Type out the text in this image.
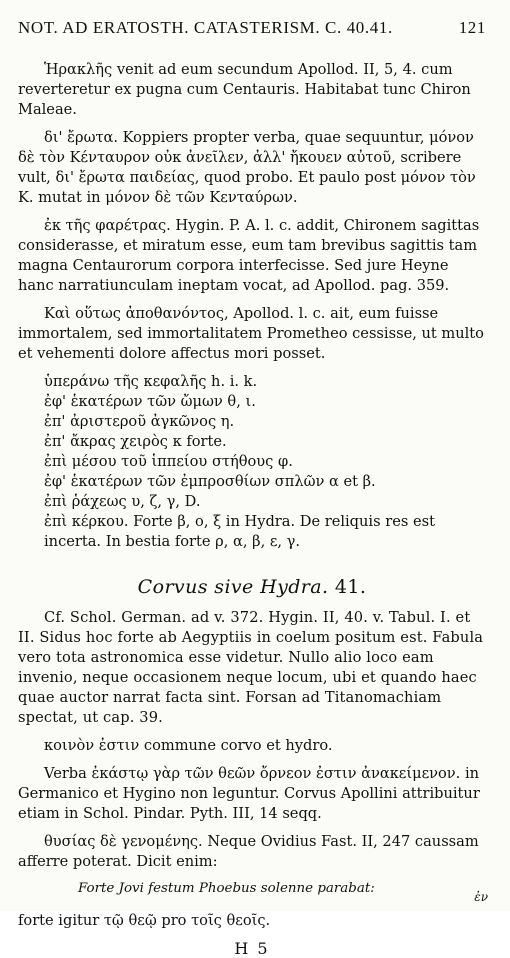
NOT. AD ERATOSTH. CATASTERISM. C. 40.41.	121

Ἡρακλῆς venit ad eum secundum Apollod. II, 5, 4. cum reverteretur ex pugna cum Centauris. Habitabat tunc Chiron Maleae.

δι' ἔρωτα. Koppiers propter verba, quae sequuntur, μόνον δὲ τὸν Κένταυρον οὐκ ἀνεῖλεν, ἀλλ' ἤκουεν αὐτοῦ, scribere vult, δι' ἔρωτα παιδείας, quod probo. Et paulo post μόνον τὸν K. mutat in μόνον δὲ τῶν Κενταύρων.

ἐκ τῆς φαρέτρας. Hygin. P. A. l. c. addit, Chironem sagittas considerasse, et miratum esse, eum tam brevibus sagittis tam magna Centaurorum corpora interfecisse. Sed jure Heyne hanc narratiunculam ineptam vocat, ad Apollod. pag. 359.

Καὶ οὕτως ἀποθανόντος, Apollod. l. c. ait, eum fuisse immortalem, sed immortalitatem Prometheo cessisse, ut multo et vehementi dolore affectus mori posset.

ὑπεράνω τῆς κεφαλῆς h. i. k.

ἐφ' ἑκατέρων τῶν ὤμων θ, ι.

ἐπ' ἀριστεροῦ ἀγκῶνος η.

ἐπ' ἄκρας χειρὸς κ forte.

ἐπὶ μέσου τοῦ ἱππείου στήθους φ.

ἐφ' ἑκατέρων τῶν ἐμπροσθίων σπλῶν α et β.

ἐπὶ ῥάχεως υ, ζ, γ, D.

ἐπὶ κέρκου. Forte β, ο, ξ in Hydra. De reliquis res est incerta. In bestia forte ρ, α, β, ε, γ.

Corvus sive Hydra. 41.

Cf. Schol. German. ad v. 372. Hygin. II, 40. v. Tabul. I. et II. Sidus hoc forte ab Aegyptiis in coelum positum est. Fabula vero tota astronomica esse videtur. Nullo alio loco eam invenio, neque occasionem neque locum, ubi et quando haec quae auctor narrat facta sint. Forsan ad Titanomachiam spectat, ut cap. 39.

κοινὸν ἐστιν commune corvo et hydro.

Verba ἐκάστῳ γὰρ τῶν θεῶν ὄρνεον ἐστιν ἀνακείμενον. in Germanico et Hygino non leguntur. Corvus Apollini attribuitur etiam in Schol. Pindar. Pyth. III, 14 seqq.

θυσίας δὲ γενομένης. Neque Ovidius Fast. II, 247 caussam afferre poterat. Dicit enim:

Forte Jovi festum Phoebus solenne parabat:

forte igitur τῷ θεῷ pro τοῖς θεοῖς.

H 5
ἐν
